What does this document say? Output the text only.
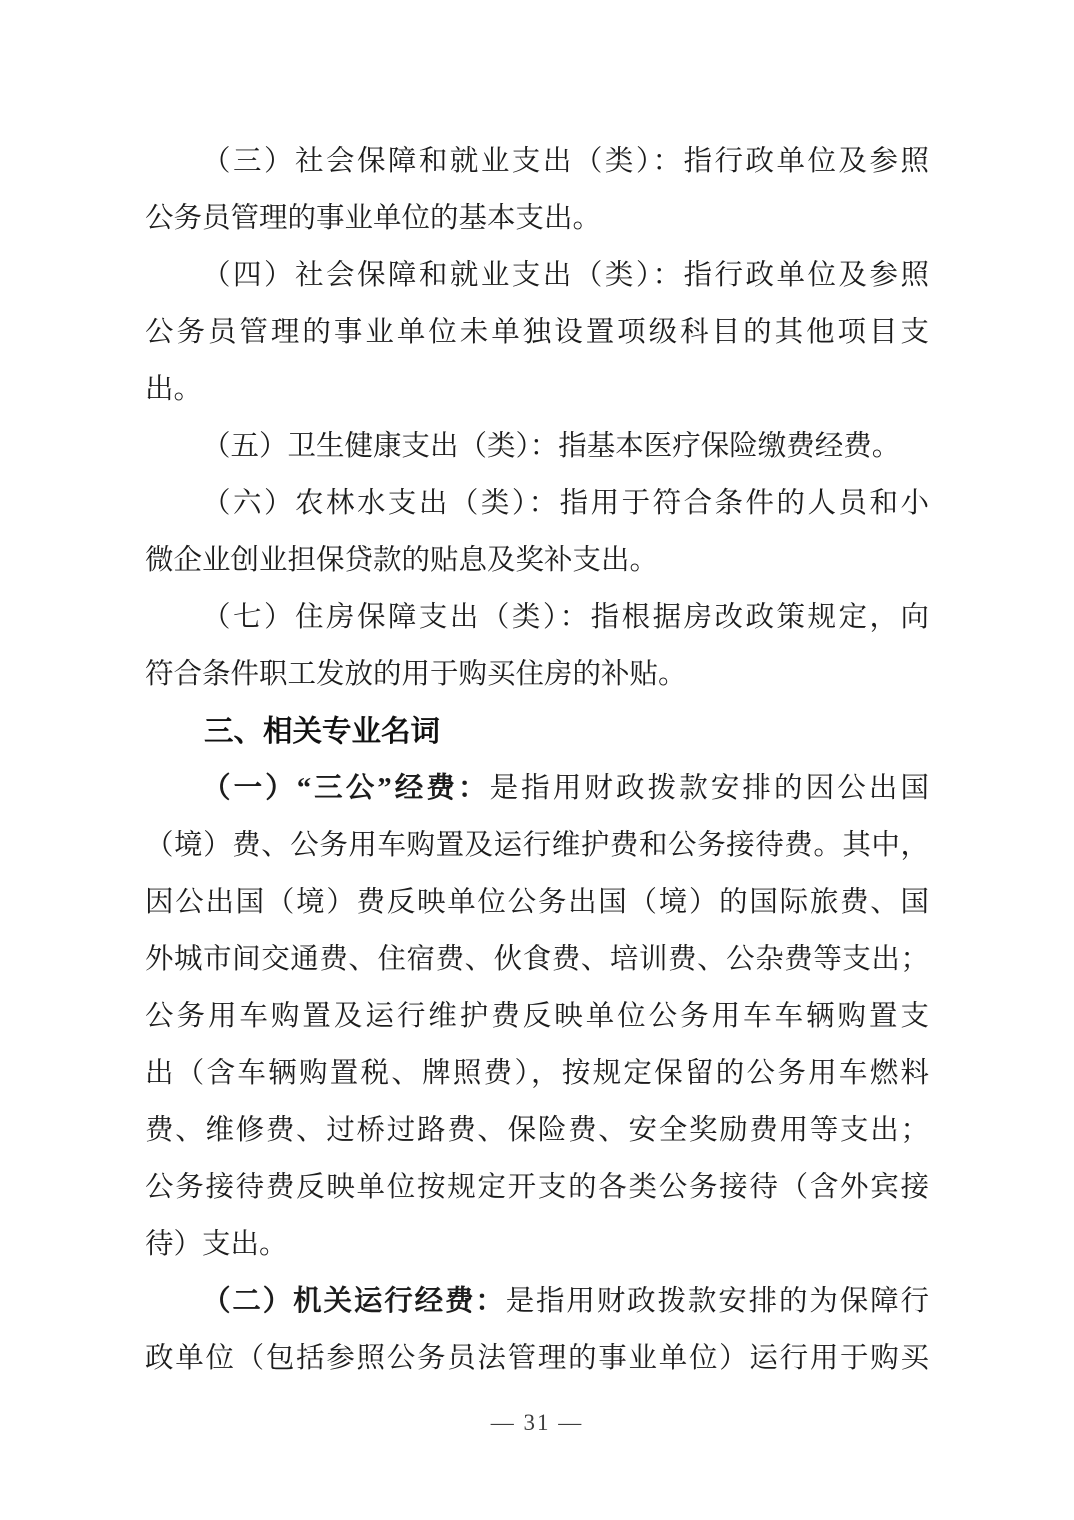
（三）社会保障和就业支出（类）：指行政单位及参照
公务员管理的事业单位的基本支出。
（四）社会保障和就业支出（类）：指行政单位及参照
公务员管理的事业单位未单独设置项级科目的其他项目支
出。
（五）卫生健康支出（类）：指基本医疗保险缴费经费。
（六）农林水支出（类）：指用于符合条件的人员和小
微企业创业担保贷款的贴息及奖补支出。
（七）住房保障支出（类）：指根据房改政策规定，向
符合条件职工发放的用于购买住房的补贴。
三、相关专业名词
（一）“三公”经费：是指用财政拨款安排的因公出国
（境）费、公务用车购置及运行维护费和公务接待费。其中，
因公出国（境）费反映单位公务出国（境）的国际旅费、国
外城市间交通费、住宿费、伙食费、培训费、公杂费等支出；
公务用车购置及运行维护费反映单位公务用车车辆购置支
出（含车辆购置税、牌照费），按规定保留的公务用车燃料
费、维修费、过桥过路费、保险费、安全奖励费用等支出；
公务接待费反映单位按规定开支的各类公务接待（含外宾接
待）支出。
（二）机关运行经费：是指用财政拨款安排的为保障行
政单位（包括参照公务员法管理的事业单位）运行用于购买
— 31 —
